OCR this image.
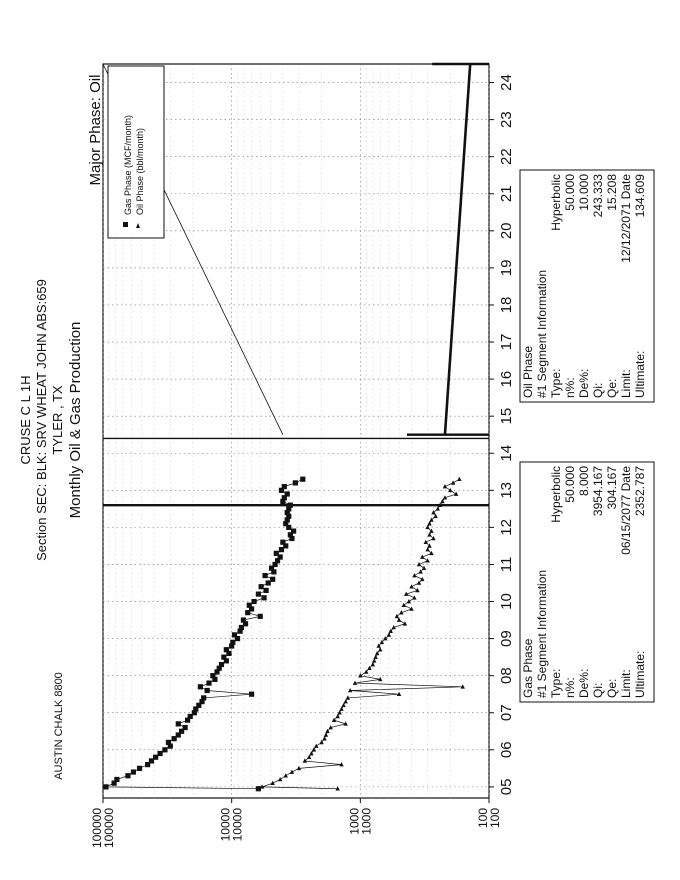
05
06
07
08
09
10
11
12
13
14
15
16
17
18
19
20
21
22
23
24
100000
100000	10000
10000	1000
1000	100
100
CRUSE C L 1H Section SEC: BLK: SRV WHEAT JOHN ABS:659 TYLER , TX Monthly Oil & Gas Production
AUSTIN CHALK 8800
Major Phase: Oil Gas Phase (MCF/month) Oil Phase (bbl/month)
Gas Phase #1 Segment Information Type:
Hyperbolic
n%:
50.000
De%:
8.000
Qi:
3954.167
Qe:
304.167
Limit:
06/15/2077 Date
Ultimate:
2352.787
Oil Phase #1 Segment Information Type:
Hyperbolic
n%:
50.000
De%:
10.000
Qi:
243.333
Qe:
15.208
Limit:
12/12/2071 Date
Ultimate:
134.609
